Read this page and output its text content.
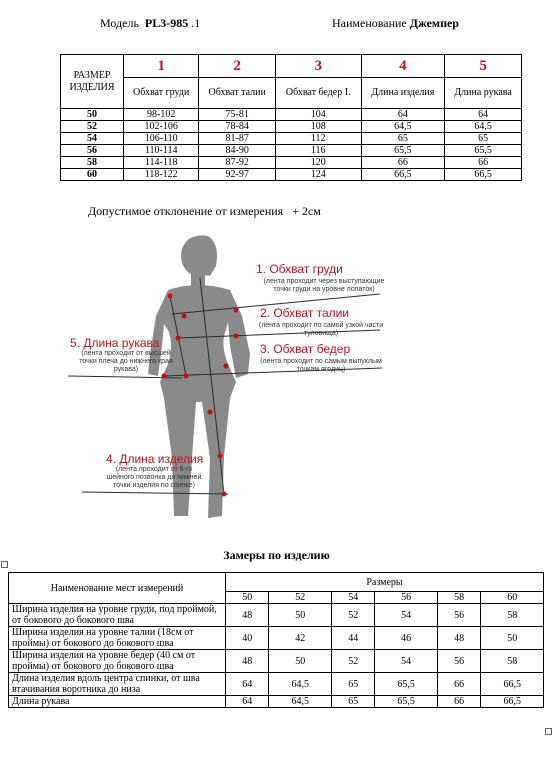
Модель PL3-985 .1	Наименование Джемпер
РАЗМЕР ИЗДЕЛИЯ	1	2	3	4	5
	Обхват груди	Обхват талии	Обхват бедер I.	Длина изделия	Длина рукава
50	98-102	75-81	104	64	64
52	102-106	78-84	108	64,5	64,5
54	106-110	81-87	112	65	65
56	110-114	84-90	116	65,5	65,5
58	114-118	87-92	120	66	66
60	118-122	92-97	124	66,5	66,5
Допустимое отклонение от измерения + 2см
1. Обхват груди
(лента проходит через выступающие точки груди на уровне лопаток)
2. Обхват талии
(лента проходит по самой узкой части туловища)
3. Обхват бедер
(лента проходит по самым выпуклым точкам ягодиц)
5. Длина рукава
(лента проходит от высшей точки плеча до нижнего края рукава)
4. Длина изделия
(лента проходит от 6-го шейного позвонка до нижней точки изделия по спинке)
Замеры по изделию
Наименование мест измерений	Размеры					
	50	52	54	56	58	60
Ширина изделия на уровне груди, под проймой, от бокового до бокового шва	48	50	52	54	56	58
Ширина изделия на уровне талии (18см от проймы) от бокового до бокового шва	40	42	44	46	48	50
Ширина изделия на уровне бедер (40 см от проймы) от бокового до бокового шва	48	50	52	54	56	58
Длина изделия вдоль центра спинки, от шва втачивания воротника до низа	64	64,5	65	65,5	66	66,5
Длина рукава	64	64,5	65	65,5	66	66,5
